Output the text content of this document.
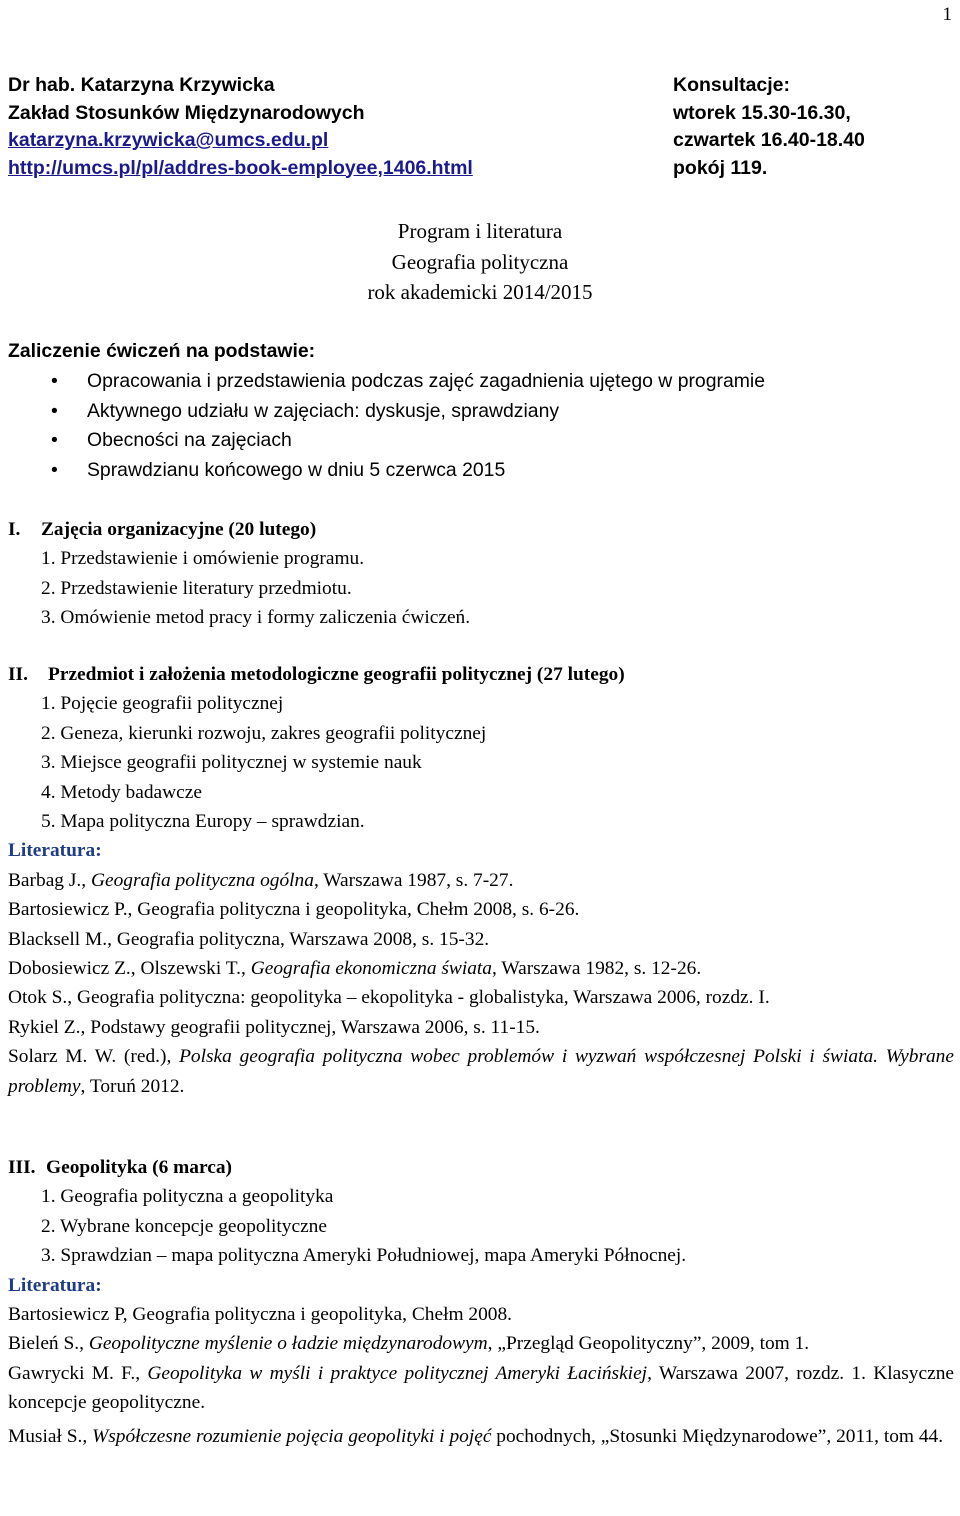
1
Dr hab. Katarzyna Krzywicka
Zakład Stosunków Międzynarodowych
katarzyna.krzywicka@umcs.edu.pl
http://umcs.pl/pl/addres-book-employee,1406.html
Konsultacje:
wtorek 15.30-16.30,
czwartek 16.40-18.40
pokój 119.
Program i literatura
Geografia polityczna
rok akademicki 2014/2015
Zaliczenie ćwiczeń na podstawie:
• Opracowania i przedstawienia podczas zajęć zagadnienia ujętego w programie
• Aktywnego udziału w zajęciach: dyskusje, sprawdziany
• Obecności na zajęciach
• Sprawdzianu końcowego w dniu 5 czerwca 2015
I. Zajęcia organizacyjne (20 lutego)
1. Przedstawienie i omówienie programu.
2. Przedstawienie literatury przedmiotu.
3. Omówienie metod pracy i formy zaliczenia ćwiczeń.
II. Przedmiot i założenia metodologiczne geografii politycznej (27 lutego)
1. Pojęcie geografii politycznej
2. Geneza, kierunki rozwoju, zakres geografii politycznej
3. Miejsce geografii politycznej w systemie nauk
4. Metody badawcze
5. Mapa polityczna Europy – sprawdzian.
Literatura:
Barbag J., Geografia polityczna ogólna, Warszawa 1987, s. 7-27.
Bartosiewicz P., Geografia polityczna i geopolityka, Chełm 2008, s. 6-26.
Blacksell M., Geografia polityczna, Warszawa 2008, s. 15-32.
Dobosiewicz Z., Olszewski T., Geografia ekonomiczna świata, Warszawa 1982, s. 12-26.
Otok S., Geografia polityczna: geopolityka – ekopolityka - globalistyka, Warszawa 2006, rozdz. I.
Rykiel Z., Podstawy geografii politycznej, Warszawa 2006, s. 11-15.
Solarz M. W. (red.), Polska geografia polityczna wobec problemów i wyzwań współczesnej Polski i świata. Wybrane problemy, Toruń 2012.
III. Geopolityka (6 marca)
1. Geografia polityczna a geopolityka
2. Wybrane koncepcje geopolityczne
3. Sprawdzian – mapa polityczna Ameryki Południowej, mapa Ameryki Północnej.
Literatura:
Bartosiewicz P, Geografia polityczna i geopolityka, Chełm 2008.
Bieleń S., Geopolityczne myślenie o ładzie międzynarodowym, „Przegląd Geopolityczny”, 2009, tom 1.
Gawrycki M. F., Geopolityka w myśli i praktyce politycznej Ameryki Łacińskiej, Warszawa 2007, rozdz. 1. Klasyczne koncepcje geopolityczne.
Musiał S., Współczesne rozumienie pojęcia geopolityki i pojęć pochodnych, „Stosunki Międzynarodowe”, 2011, tom 44.
